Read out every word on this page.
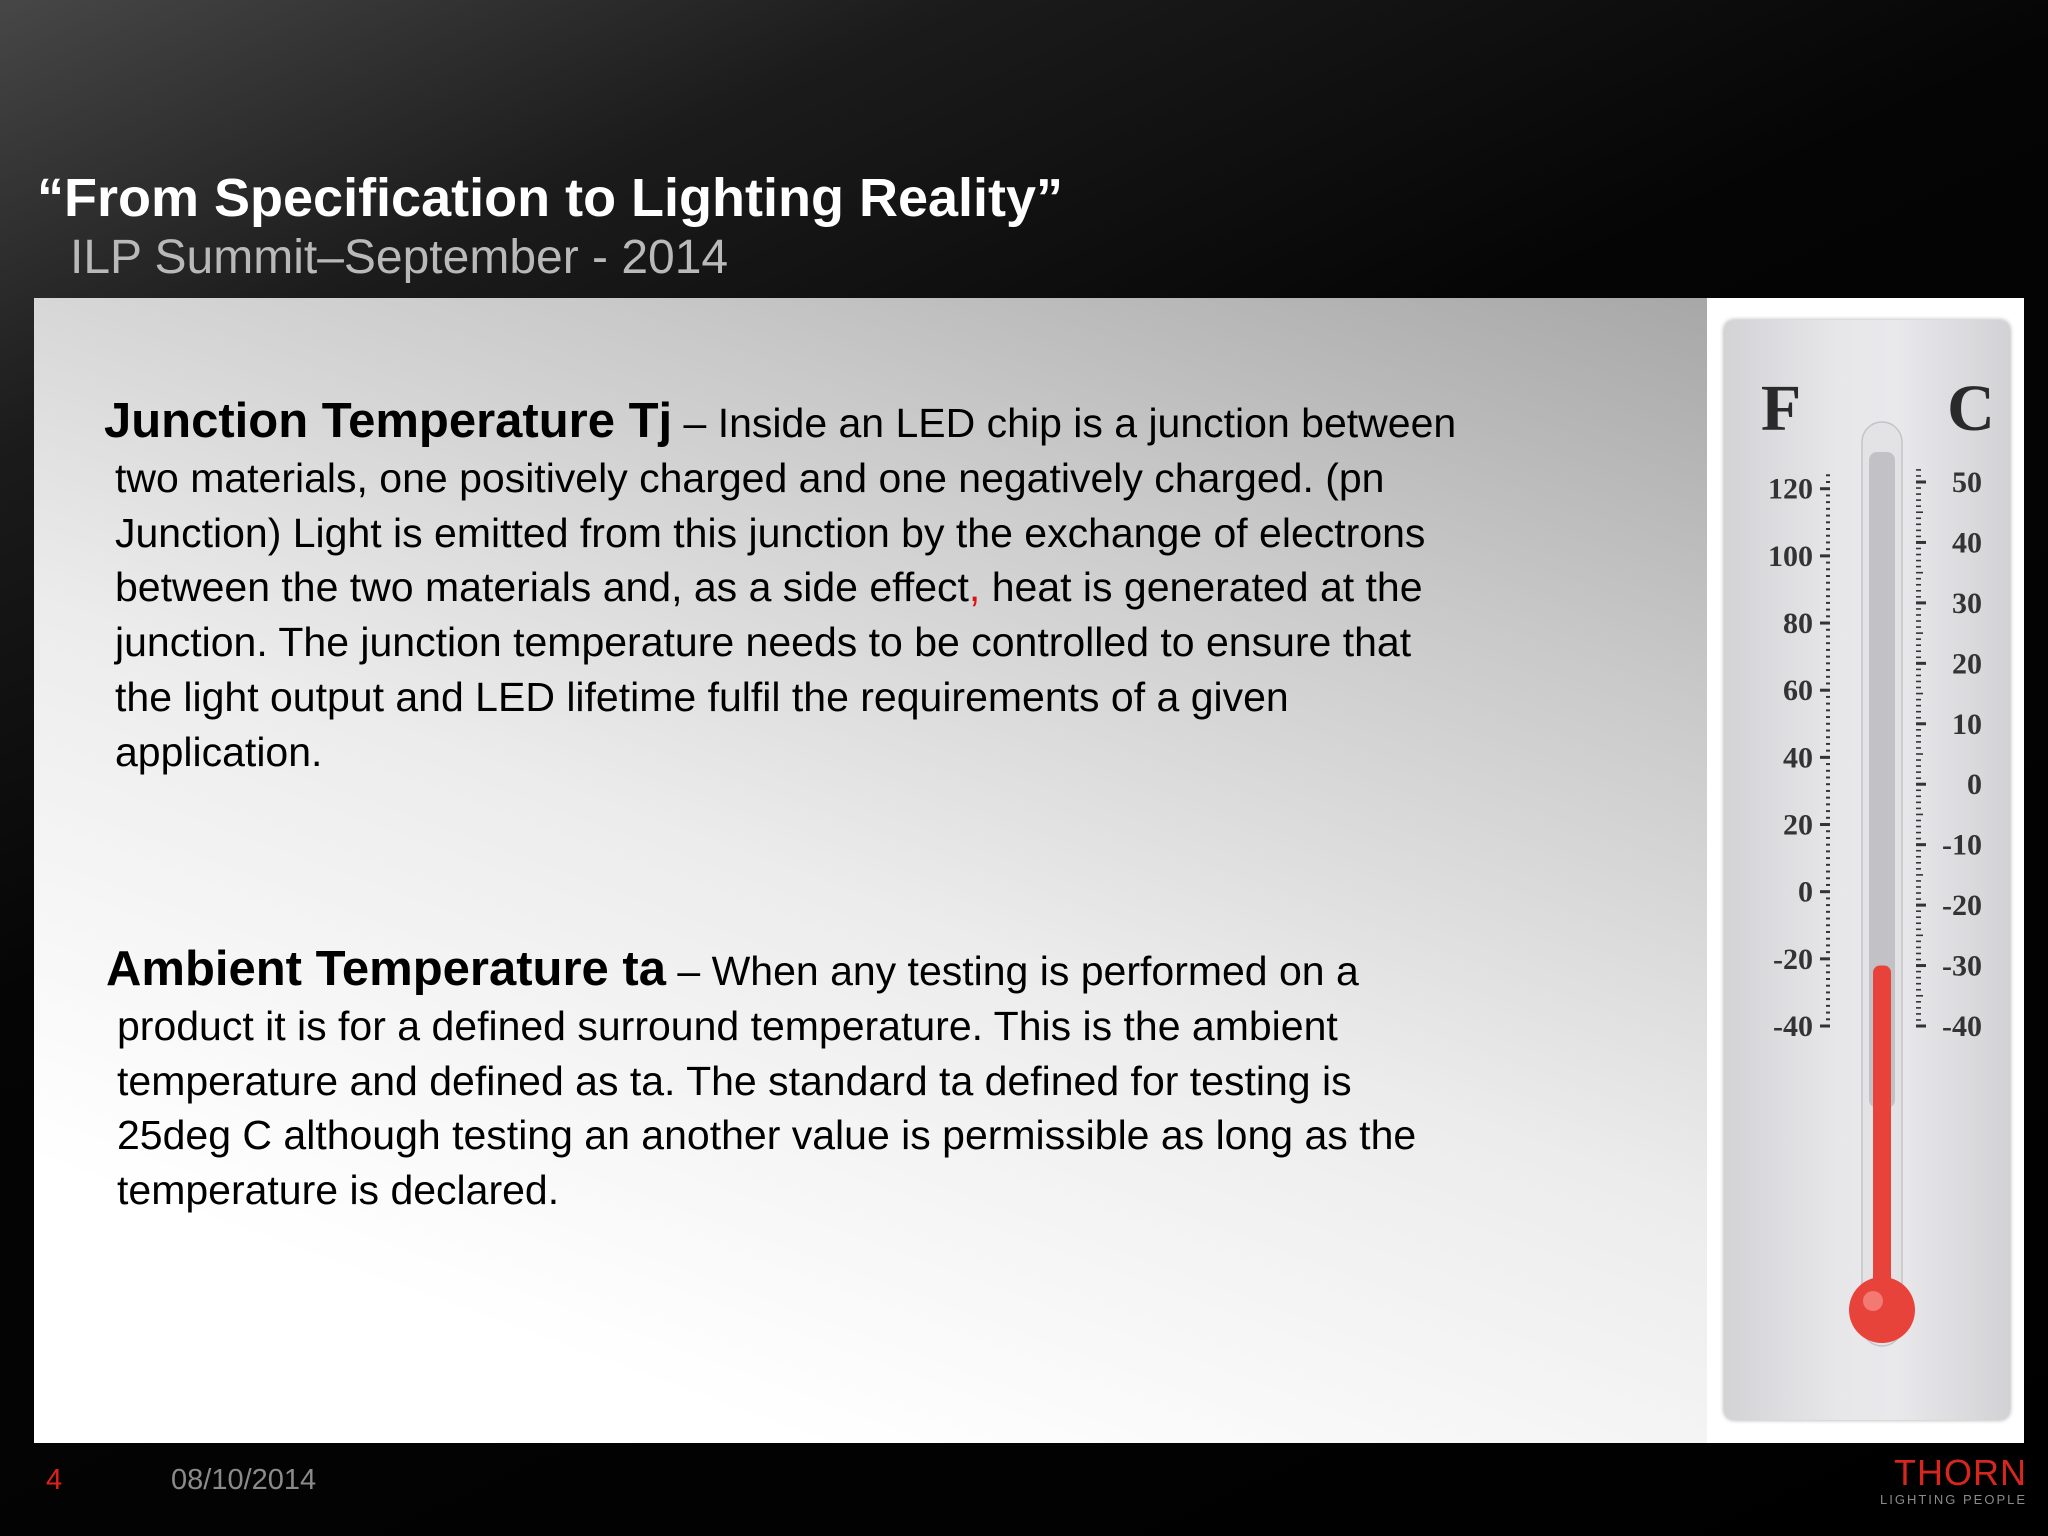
“From Specification to Lighting Reality”
ILP Summit–September - 2014

Junction Temperature Tj – Inside an LED chip is a junction between
two materials, one positively charged and one negatively charged. (pn
Junction) Light is emitted from this junction by the exchange of electrons
between the two materials and, as a side effect, heat is generated at the
junction. The junction temperature needs to be controlled to ensure that
the light output and LED lifetime fulfil the requirements of a given
application.

Ambient Temperature ta – When any testing is performed on a
product it is for a defined surround temperature. This is the ambient
temperature and defined as ta. The standard ta defined for testing is
25deg C although testing an another value is permissible as long as the
temperature is declared.

F C
120
100
80
60
40
20
0
-20
-40
50
40
30
20
10
0
-10
-20
-30
-40
4	08/10/2014	THORN
LIGHTING PEOPLE
